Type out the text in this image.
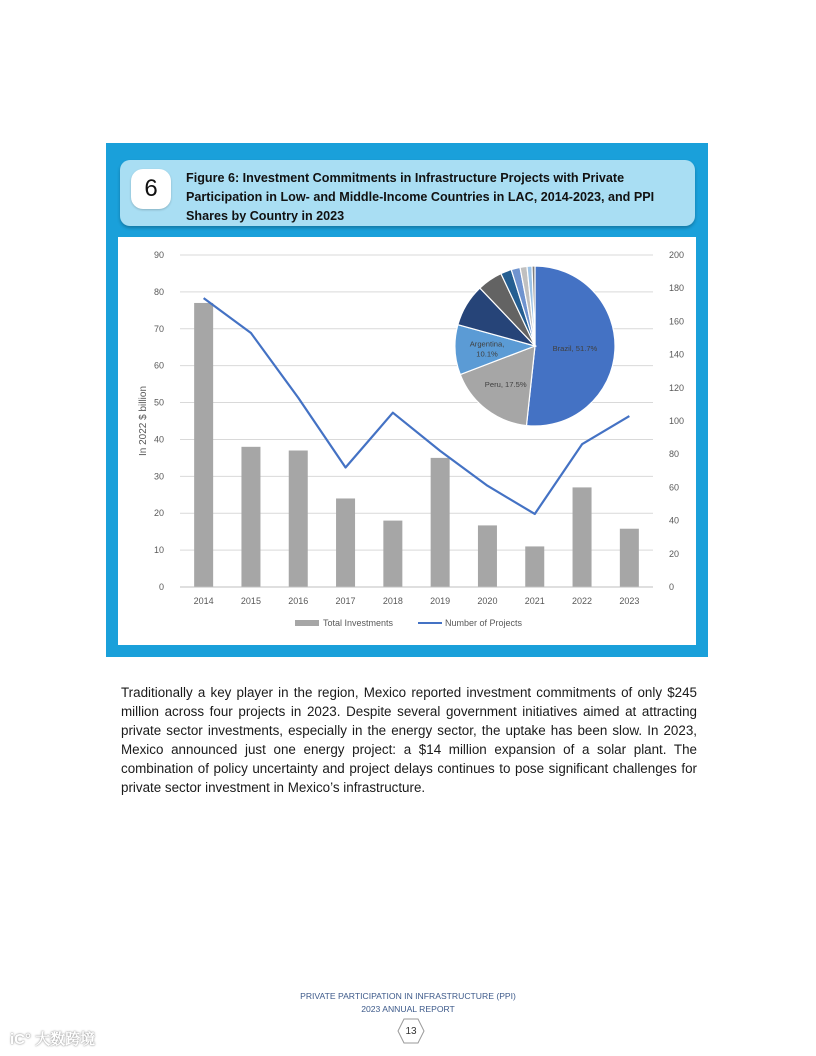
6	Figure 6: Investment Commitments in Infrastructure Projects with Private Participation in Low- and Middle-Income Countries in LAC, 2014-2023, and PPI Shares by Country in 2023
0
10
20
30
40
50
60
70
80
90
0
20
40
60
80
100
120
140
160
180
200
In 2022 $ billion
2014	2015	2016	2017	2018	2019	2020	2021	2022	2023
Total Investments	Number of Projects
Brazil, 51.7%
Peru, 17.5%
Argentina, 10.1%

Traditionally a key player in the region, Mexico reported investment commitments of only $245 million across four projects in 2023. Despite several government initiatives aimed at attracting private sector investments, especially in the energy sector, the uptake has been slow. In 2023, Mexico announced just one energy project: a $14 million expansion of a solar plant. The combination of policy uncertainty and project delays continues to pose significant challenges for private sector investment in Mexico’s infrastructure.

PRIVATE PARTICIPATION IN INFRASTRUCTURE (PPI)
2023 ANNUAL REPORT
13
iC° 大数跨境
